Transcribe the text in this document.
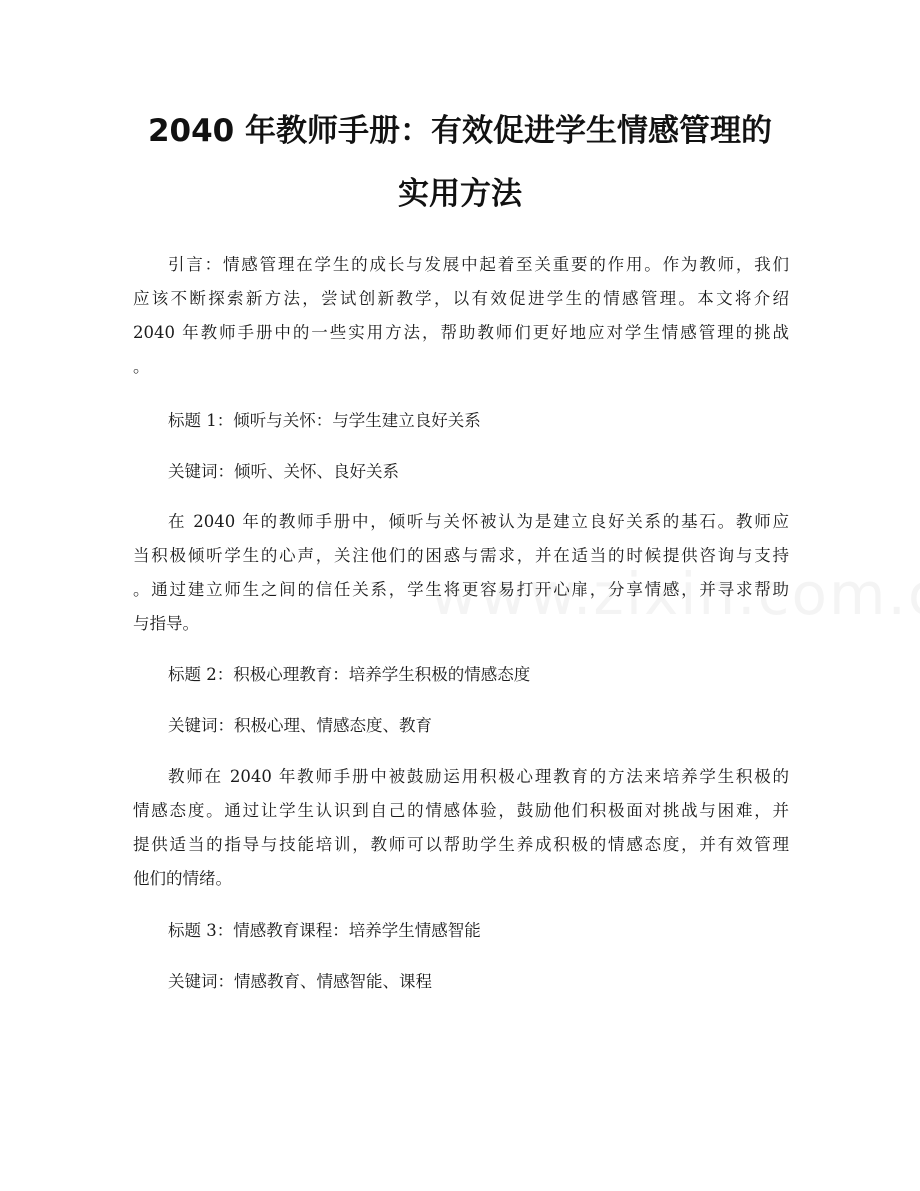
2040 年教师手册：有效促进学生情感管理的
实用方法
引言：情感管理在学生的成长与发展中起着至关重要的作用。作为教师，我们
应该不断探索新方法，尝试创新教学，以有效促进学生的情感管理。本文将介绍
2040 年教师手册中的一些实用方法，帮助教师们更好地应对学生情感管理的挑战
。
标题 1：倾听与关怀：与学生建立良好关系
关键词：倾听、关怀、良好关系
在 2040 年的教师手册中，倾听与关怀被认为是建立良好关系的基石。教师应
当积极倾听学生的心声，关注他们的困惑与需求，并在适当的时候提供咨询与支持
。通过建立师生之间的信任关系，学生将更容易打开心扉，分享情感，并寻求帮助
与指导。
标题 2：积极心理教育：培养学生积极的情感态度
关键词：积极心理、情感态度、教育
教师在 2040 年教师手册中被鼓励运用积极心理教育的方法来培养学生积极的
情感态度。通过让学生认识到自己的情感体验，鼓励他们积极面对挑战与困难，并
提供适当的指导与技能培训，教师可以帮助学生养成积极的情感态度，并有效管理
他们的情绪。
标题 3：情感教育课程：培养学生情感智能
关键词：情感教育、情感智能、课程
